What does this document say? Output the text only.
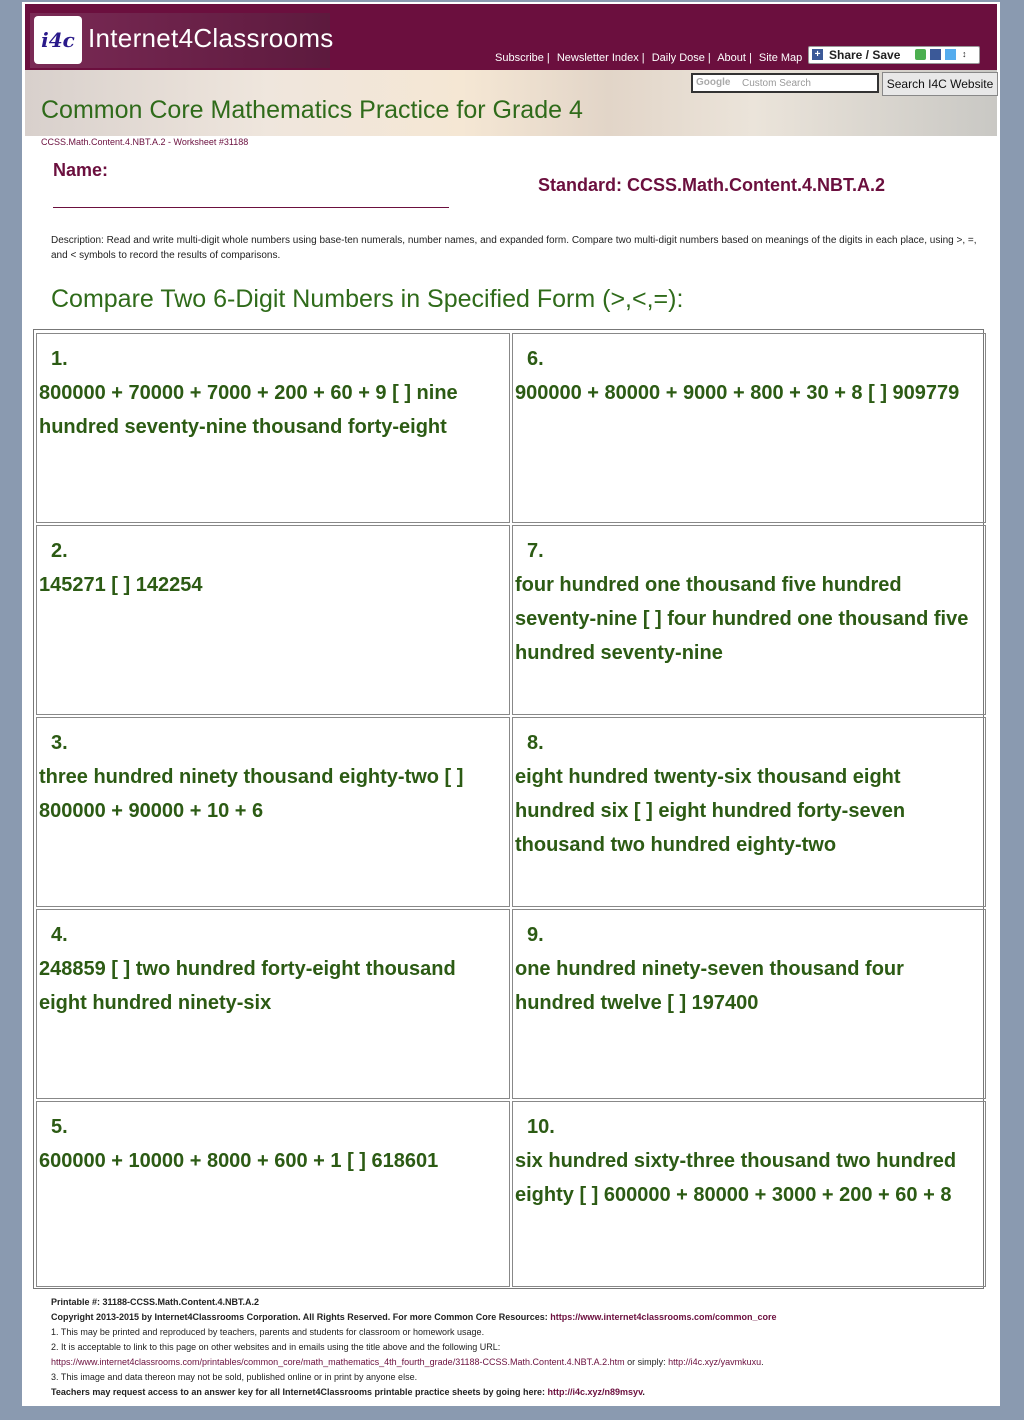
i4c Internet4Classrooms
Subscribe | Newsletter Index | Daily Dose | About | Site Map + Share / Save	↕
Google Custom Search	Search I4C Website
Common Core Mathematics Practice for Grade 4
CCSS.Math.Content.4.NBT.A.2 - Worksheet #31188
Name:
Standard: CCSS.Math.Content.4.NBT.A.2
Description: Read and write multi-digit whole numbers using base-ten numerals, number names, and expanded form. Compare two multi-digit numbers based on meanings of the digits in each place, using >, =, and < symbols to record the results of comparisons.
Compare Two 6-Digit Numbers in Specified Form (>,<,=):
1.
800000 + 70000 + 7000 + 200 + 60 + 9 [ ] nine hundred seventy-nine thousand forty-eight
2.
145271 [ ] 142254
3.
three hundred ninety thousand eighty-two [ ] 800000 + 90000 + 10 + 6
4.
248859 [ ] two hundred forty-eight thousand eight hundred ninety-six
5.
600000 + 10000 + 8000 + 600 + 1 [ ] 618601
6.
900000 + 80000 + 9000 + 800 + 30 + 8 [ ] 909779
7.
four hundred one thousand five hundred seventy-nine [ ] four hundred one thousand five hundred seventy-nine
8.
eight hundred twenty-six thousand eight hundred six [ ] eight hundred forty-seven thousand two hundred eighty-two
9.
one hundred ninety-seven thousand four hundred twelve [ ] 197400
10.
six hundred sixty-three thousand two hundred eighty [ ] 600000 + 80000 + 3000 + 200 + 60 + 8
Printable #: 31188-CCSS.Math.Content.4.NBT.A.2
Copyright 2013-2015 by Internet4Classrooms Corporation. All Rights Reserved. For more Common Core Resources: https://www.internet4classrooms.com/common_core
1. This may be printed and reproduced by teachers, parents and students for classroom or homework usage.
2. It is acceptable to link to this page on other websites and in emails using the title above and the following URL:
https://www.internet4classrooms.com/printables/common_core/math_mathematics_4th_fourth_grade/31188-CCSS.Math.Content.4.NBT.A.2.htm or simply: http://i4c.xyz/yavmkuxu.
3. This image and data thereon may not be sold, published online or in print by anyone else.
Teachers may request access to an answer key for all Internet4Classrooms printable practice sheets by going here: http://i4c.xyz/n89msyv.
